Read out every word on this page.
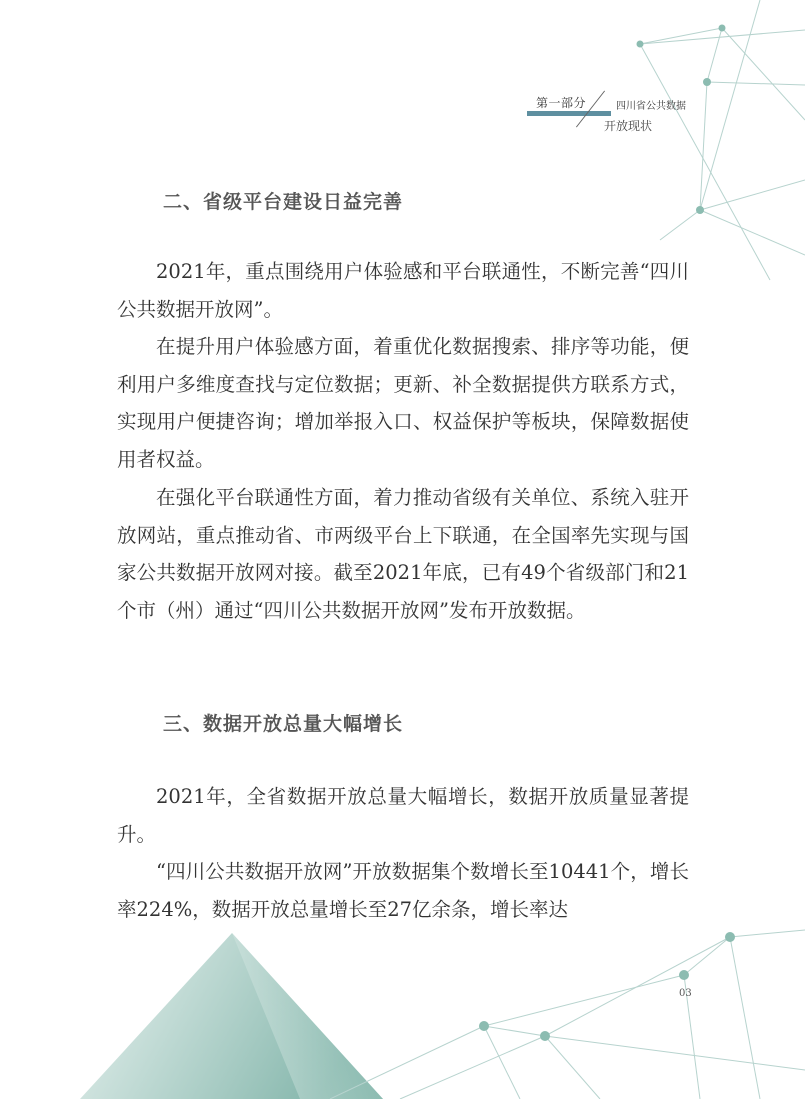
第一部分	四川省公共数据
开放现状
二、省级平台建设日益完善

2021年，重点围绕用户体验感和平台联通性，不断完善“四川公共数据开放网”。

在提升用户体验感方面，着重优化数据搜索、排序等功能，便利用户多维度查找与定位数据；更新、补全数据提供方联系方式，实现用户便捷咨询；增加举报入口、权益保护等板块，保障数据使用者权益。

在强化平台联通性方面，着力推动省级有关单位、系统入驻开放网站，重点推动省、市两级平台上下联通，在全国率先实现与国家公共数据开放网对接。截至2021年底，已有49个省级部门和21个市（州）通过“四川公共数据开放网”发布开放数据。

三、数据开放总量大幅增长

2021年，全省数据开放总量大幅增长，数据开放质量显著提升。

“四川公共数据开放网”开放数据集个数增长至10441个，增长率224%，数据开放总量增长至27亿余条，增长率达

03
